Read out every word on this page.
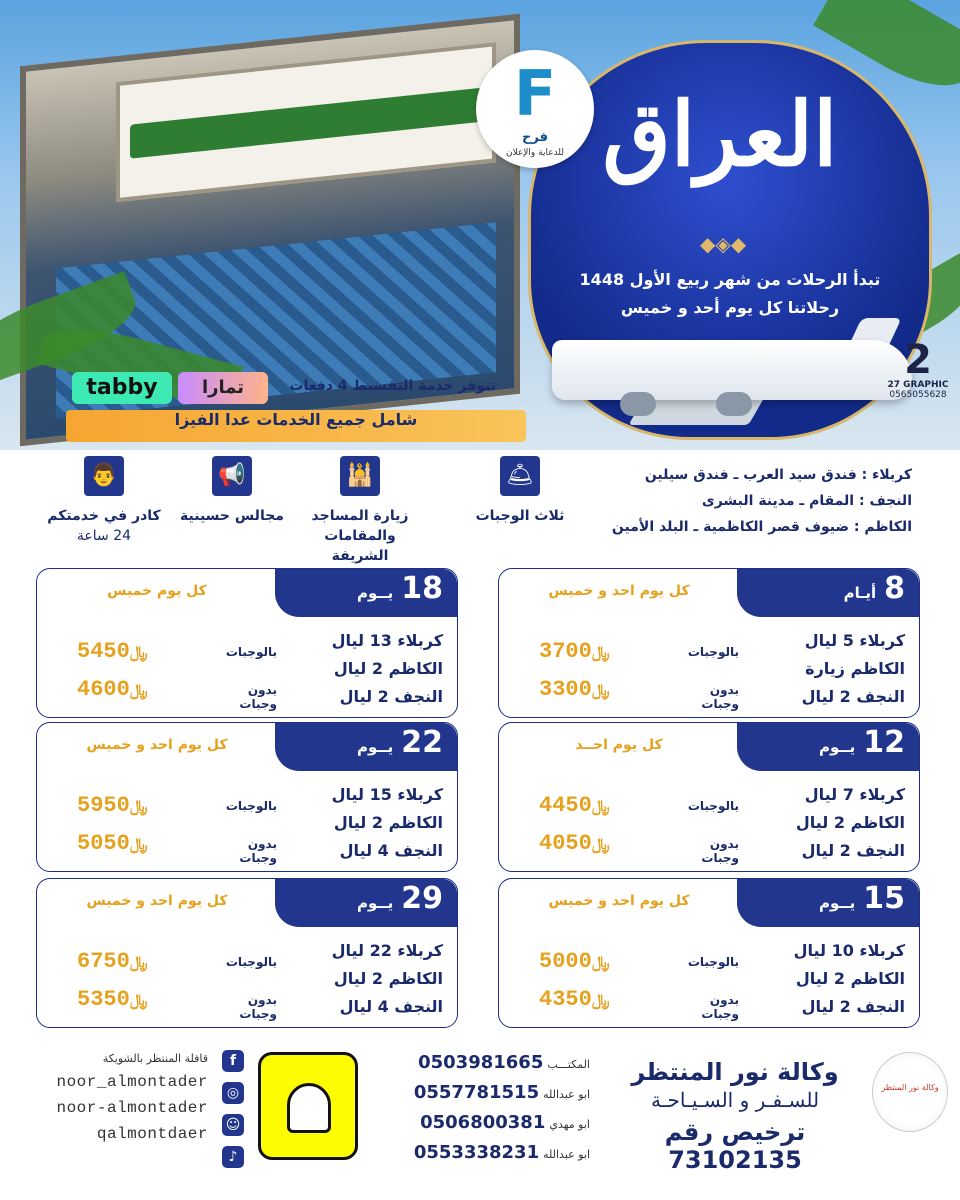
العراق
◆◈◆
تبدأ الرحلات من شهر ربيع الأول 1448
رحلاتنا كل يوم أحد و خميس
2
27 GRAPHIC
0565055628
F
فرح
للدعاية والإعلان
tabby	تمارا	تتوفر خدمة التقسيط 4 دفعات
شامل جميع الخدمات عدا الفيزا
🛎
ثلاث الوجبات
🕌
زيارة المساجد والمقامات الشريفة
📢
مجالس حسينية
👨
كادر في خدمتكم
24 ساعة
كربلاء : فندق سيد العرب ـ فندق سيلين
النجف : المقام ـ مدينة البشرى
الكاظم : ضيوف قصر الكاظمية ـ البلد الأمين
8أيـام
كل يوم احد و خميس
كربلاء 5 ليال
الكاظم زيارة
النجف 2 ليال
بالوجبات
بدون وجبات
﷼3700
﷼3300
18يــوم
كل يوم خميس
كربلاء 13 ليال
الكاظم 2 ليال
النجف 2 ليال
بالوجبات
بدون وجبات
﷼5450
﷼4600
12يــوم
كل يوم احــد
كربلاء 7 ليال
الكاظم 2 ليال
النجف 2 ليال
بالوجبات
بدون وجبات
﷼4450
﷼4050
22يــوم
كل يوم احد و خميس
كربلاء 15 ليال
الكاظم 2 ليال
النجف 4 ليال
بالوجبات
بدون وجبات
﷼5950
﷼5050
15يــوم
كل يوم احد و خميس
كربلاء 10 ليال
الكاظم 2 ليال
النجف 2 ليال
بالوجبات
بدون وجبات
﷼5000
﷼4350
29يــوم
كل يوم احد و خميس
كربلاء 22 ليال
الكاظم 2 ليال
النجف 4 ليال
بالوجبات
بدون وجبات
﷼6750
﷼5350
وكالة نور المنتظر
وكالة نور المنتظر
للسـفـر و السـيـاحـة
ترخيص رقم 73102135
المكتـــب0503981665
ابو عبدالله0557781515
ابو مهدي0506800381
ابو عبدالله0553338231
f
◎
☺
♪
قافلة المنتظر بالشويكة
noor_almontader
noor-almontader
qalmontdaer
